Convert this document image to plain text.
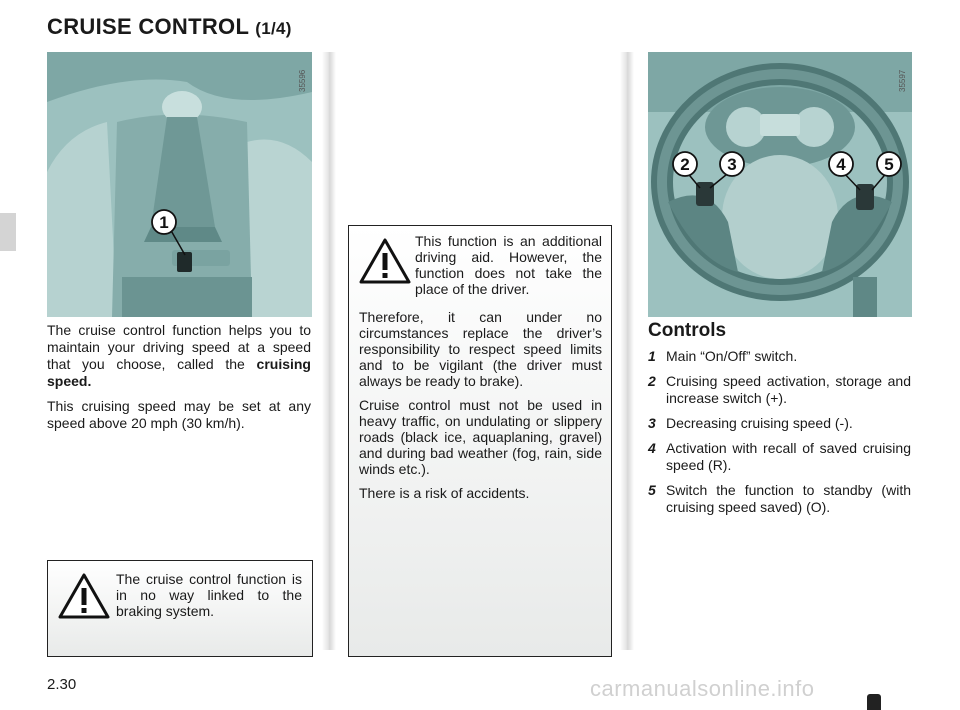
CRUISE CONTROL (1/4)
1
35596

The cruise control function helps you to maintain your driving speed at a speed that you choose, called the cruising speed.

This cruising speed may be set at any speed above 20 mph (30 km/h).

The cruise control function is in no way linked to the braking system.
This function is an additional driving aid. However, the function does not take the place of the driver.

Therefore, it can under no circumstances replace the driver’s responsibility to respect speed limits and to be vigilant (the driver must always be ready to brake).

Cruise control must not be used in heavy traffic, on undulating or slippery roads (black ice, aquaplaning, gravel) and during bad weather (fog, rain, side winds etc.).

There is a risk of accidents.

2 3	4 5
35597
Controls
1 Main “On/Off” switch.
2 Cruising speed activation, storage and increase switch (+).
3 Decreasing cruising speed (-).
4 Activation with recall of saved cruising speed (R).
5 Switch the function to standby (with cruising speed saved) (O).
2.30	carmanualsonline.info
